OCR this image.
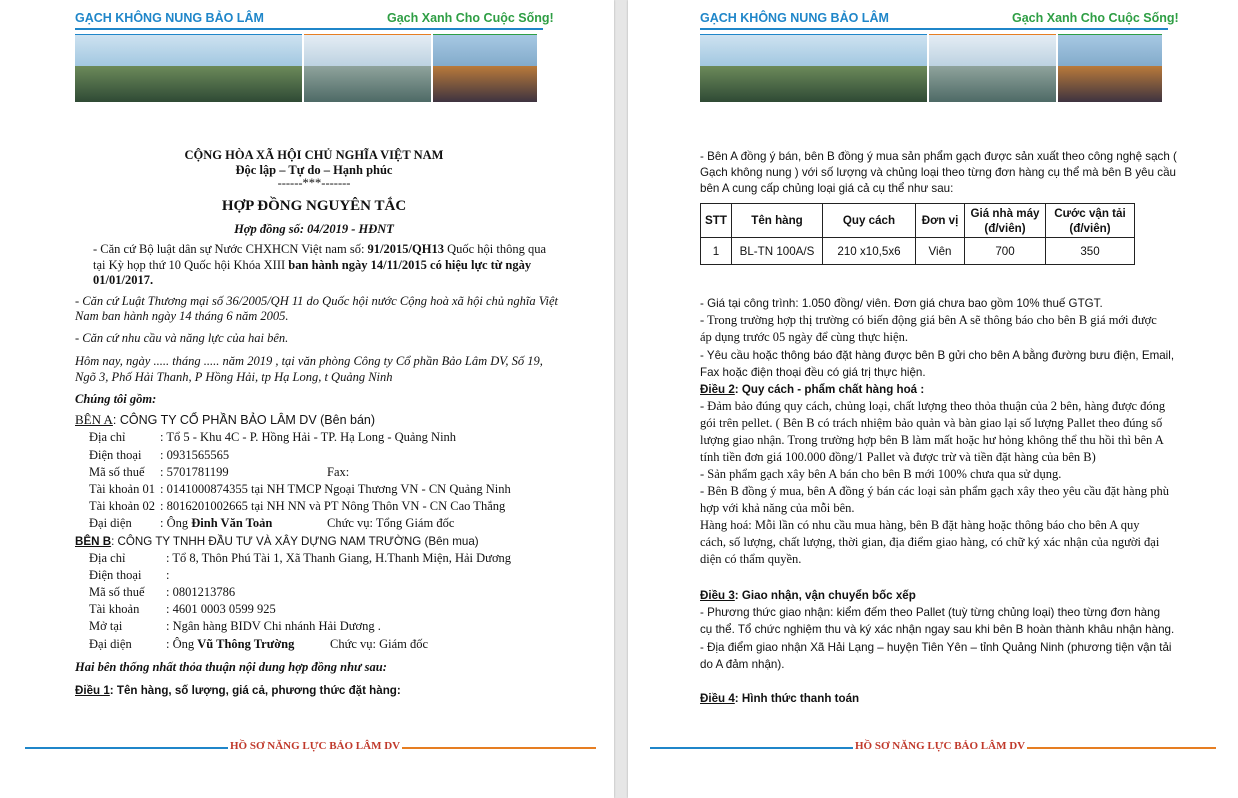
GẠCH KHÔNG NUNG BẢO LÂM	Gạch Xanh Cho Cuộc Sống!
CỘNG HÒA XÃ HỘI CHỦ NGHĨA VIỆT NAM
Độc lập – Tự do – Hạnh phúc
------***-------
HỢP ĐỒNG NGUYÊN TẮC
Hợp đồng số: 04/2019 - HĐNT
- Căn cứ Bộ luật dân sự Nước CHXHCN Việt nam số: 91/2015/QH13 Quốc hội thông qua
tại Kỳ họp thứ 10 Quốc hội Khóa XIII ban hành ngày 14/11/2015 có hiệu lực từ ngày
01/01/2017.
- Căn cứ Luật Thương mại số 36/2005/QH 11 do Quốc hội nước Cộng hoà xã hội chủ nghĩa Việt
Nam ban hành ngày 14 tháng 6 năm 2005.
- Căn cứ nhu cầu và năng lực của hai bên.
Hôm nay, ngày ..... tháng ..... năm 2019 , tại văn phòng Công ty Cổ phần Bảo Lâm DV, Số 19,
Ngõ 3, Phố Hải Thanh, P Hồng Hải, tp Hạ Long, t Quảng Ninh
Chúng tôi gồm:
BÊN A: CÔNG TY CỔ PHẦN BẢO LÂM DV (Bên bán)
Địa chỉ	: Tổ 5 - Khu 4C - P. Hồng Hải - TP. Hạ Long - Quảng Ninh
Điện thoại : 0931565565
Mã số thuế : 5701781199	Fax:
Tài khoản 01 : 0141000874355 tại NH TMCP Ngoại Thương VN - CN Quảng Ninh
Tài khoản 02 : 8016201002665 tại NH NN và PT Nông Thôn VN - CN Cao Thắng
Đại diện : Ông Đinh Văn Toản	Chức vụ: Tổng Giám đốc
BÊN B: CÔNG TY TNHH ĐẦU TƯ VÀ XÂY DỰNG NAM TRƯỜNG (Bên mua)
Địa chỉ	: Tổ 8, Thôn Phú Tài 1, Xã Thanh Giang, H.Thanh Miện, Hải Dương
Điện thoại :
Mã số thuế : 0801213786
Tài khoản : 4601 0003 0599 925
Mở tại	: Ngân hàng BIDV Chi nhánh Hải Dương .
Đại diện	: Ông Vũ Thông Trường	Chức vụ: Giám đốc
Hai bên thống nhất thỏa thuận nội dung hợp đồng như sau:
Điều 1: Tên hàng, số lượng, giá cả, phương thức đặt hàng:
HỒ SƠ NĂNG LỰC BẢO LÂM DV
GẠCH KHÔNG NUNG BẢO LÂM	Gạch Xanh Cho Cuộc Sống!
- Bên A đồng ý bán, bên B đồng ý mua sản phẩm gạch được sản xuất theo công nghệ sạch (
Gạch không nung ) với số lượng và chủng loại theo từng đơn hàng cụ thể mà bên B yêu cầu
bên A cung cấp chủng loại giá cả cụ thể như sau:
STT	Tên hàng	Quy cách	Đơn vị	Giá nhà máy (đ/viên)	Cước vận tải (đ/viên)
1	BL-TN 100A/S	210 x10,5x6	Viên	700	350
- Giá tại công trình: 1.050 đồng/ viên. Đơn giá chưa bao gồm 10% thuế GTGT.
- Trong trường hợp thị trường có biến động giá bên A sẽ thông báo cho bên B giá mới được
áp dụng trước 05 ngày để cùng thực hiện.
- Yêu cầu hoặc thông báo đặt hàng được bên B gửi cho bên A bằng đường bưu điện, Email,
Fax hoặc điện thoại đều có giá trị thực hiện.
Điều 2: Quy cách - phẩm chất hàng hoá :
- Đảm bảo đúng quy cách, chủng loại, chất lượng theo thỏa thuận của 2 bên, hàng được đóng
gói trên pellet. ( Bên B có trách nhiệm bảo quản và bàn giao lại số lượng Pallet theo đúng số
lượng giao nhận. Trong trường hợp bên B làm mất hoặc hư hỏng không thể thu hồi thì bên A
tính tiền đơn giá 100.000 đồng/1 Pallet và được trừ và tiền đặt hàng của bên B)
- Sản phẩm gạch xây bên A bán cho bên B mới 100% chưa qua sử dụng.
- Bên B đồng ý mua, bên A đồng ý bán các loại sản phẩm gạch xây theo yêu cầu đặt hàng phù
hợp với khả năng của mỗi bên.
Hàng hoá: Mỗi lần có nhu cầu mua hàng, bên B đặt hàng hoặc thông báo cho bên A quy
cách, số lượng, chất lượng, thời gian, địa điểm giao hàng, có chữ ký xác nhận của người đại
diện có thẩm quyền.
Điều 3: Giao nhận, vận chuyển bốc xếp
- Phương thức giao nhận: kiểm đếm theo Pallet (tuỳ từng chủng loại) theo từng đơn hàng
cụ thể. Tổ chức nghiệm thu và ký xác nhận ngay sau khi bên B hoàn thành khâu nhận hàng.
- Địa điểm giao nhận Xã Hải Lạng – huyện Tiên Yên – tỉnh Quảng Ninh (phương tiện vận tải
do A đảm nhận).
Điều 4: Hình thức thanh toán
HỒ SƠ NĂNG LỰC BẢO LÂM DV
